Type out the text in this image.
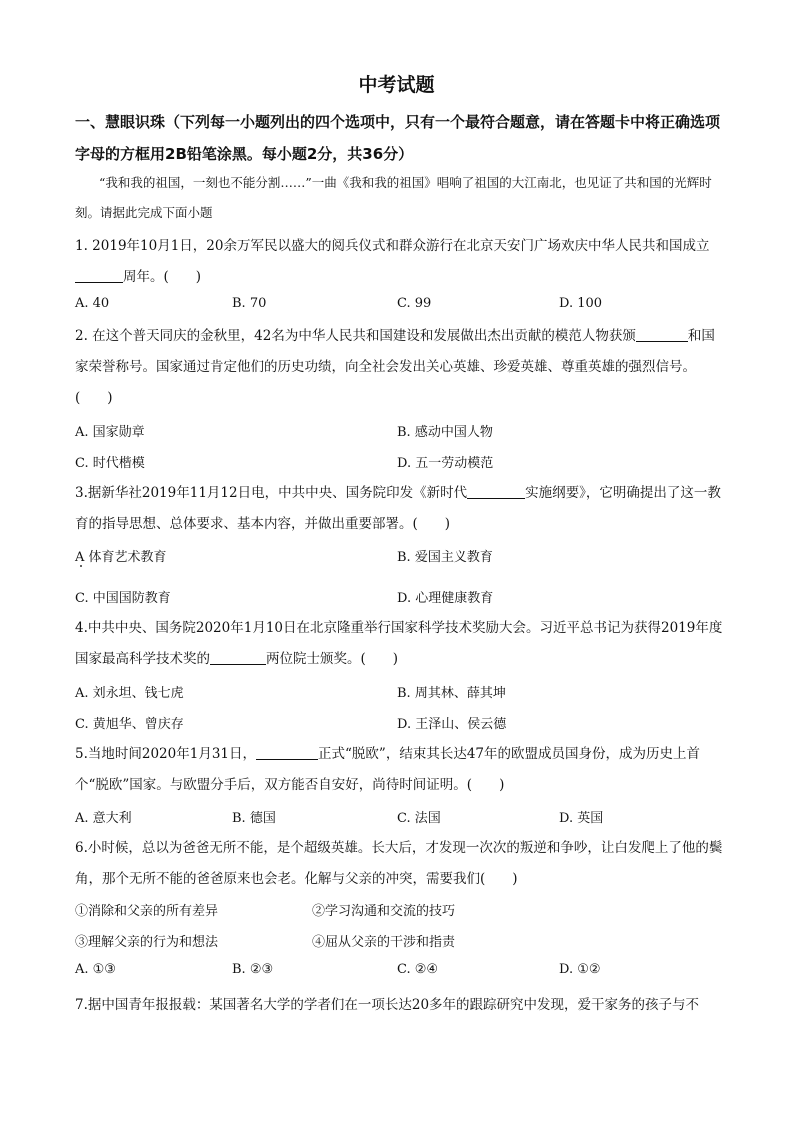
中考试题
一、慧眼识珠（下列每一小题列出的四个选项中，只有一个最符合题意，请在答题卡中将正确选项字母的方框用2B铅笔涂黑。每小题2分，共36分）
“我和我的祖国，一刻也不能分割……”一曲《我和我的祖国》唱响了祖国的大江南北，也见证了共和国的光辉时刻。请据此完成下面小题
1. 2019年10月1日，20余万军民以盛大的阅兵仪式和群众游行在北京天安门广场欢庆中华人民共和国成立周年。(　　)
A. 40	B. 70	C. 99	D. 100
2. 在这个普天同庆的金秋里，42名为中华人民共和国建设和发展做出杰出贡献的模范人物获颁	和国家荣誉称号。国家通过肯定他们的历史功绩，向全社会发出关心英雄、珍爱英雄、尊重英雄的强烈信号。(　　)
A. 国家勋章	B. 感动中国人物
C. 时代楷模	D. 五一劳动模范
3.据新华社2019年11月12日电，中共中央、国务院印发《新时代	实施纲要》，它明确提出了这一教育的指导思想、总体要求、基本内容，并做出重要部署。(　　)
A 体育艺术教育	B. 爱国主义教育
C. 中国国防教育	D. 心理健康教育
4.中共中央、国务院2020年1月10日在北京隆重举行国家科学技术奖励大会。习近平总书记为获得2019年度国家最高科学技术奖的	两位院士颁奖。(　　)
A. 刘永坦、钱七虎	B. 周其林、薛其坤
C. 黄旭华、曾庆存	D. 王泽山、侯云德
5.当地时间2020年1月31日，	正式“脱欧”，结束其长达47年的欧盟成员国身份，成为历史上首个“脱欧”国家。与欧盟分手后，双方能否自安好，尚待时间证明。(　　)
A. 意大利	B. 德国	C. 法国	D. 英国
6.小时候，总以为爸爸无所不能，是个超级英雄。长大后，才发现一次次的叛逆和争吵，让白发爬上了他的鬓角，那个无所不能的爸爸原来也会老。化解与父亲的冲突，需要我们(　　)
①消除和父亲的所有差异	②学习沟通和交流的技巧
③理解父亲的行为和想法	④屈从父亲的干涉和指责
A. ①③	B. ②③	C. ②④	D. ①②
7.据中国青年报报载：某国著名大学的学者们在一项长达20多年的跟踪研究中发现，爱干家务的孩子与不
